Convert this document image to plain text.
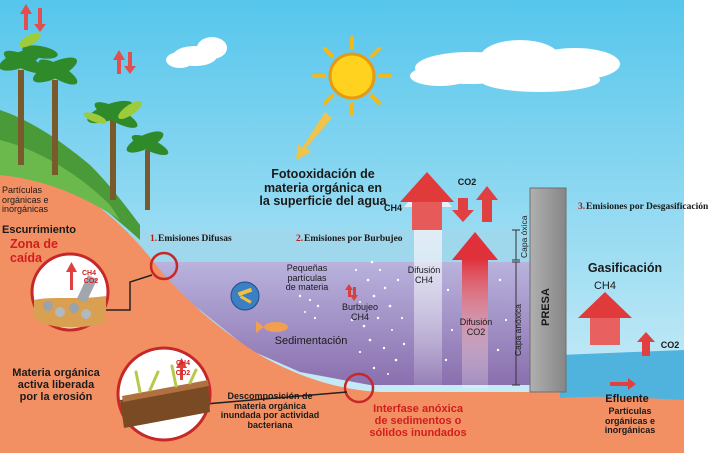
Partículas
orgánicas e
inorgánicas
Escurrimiento
Zona de caída
Fotooxidación de
materia orgánica en
la superficie del agua
1. Emisiones Difusas	2. Emisiones por Burbujeo
3. Emisiones por Desgasificación
Pequeñas
partículas
de materia
Sedimentación
Burbujeo
CH4
Difusión
CH4
Difusión
CO2
Capa óxica
Capa anóxica PRESA
Gasificación
CH4
CO2
CH4
CO2
Materia orgánica
activa liberada
por la erosión	Descomposición de
materia orgánica
inundada por actividad
bacteriana
Interfase anóxica
de sedimentos o
sólidos inundados
Efluente
Partículas
orgánicas e
inorgánicas
CH4
CO2
CH4
CO2
